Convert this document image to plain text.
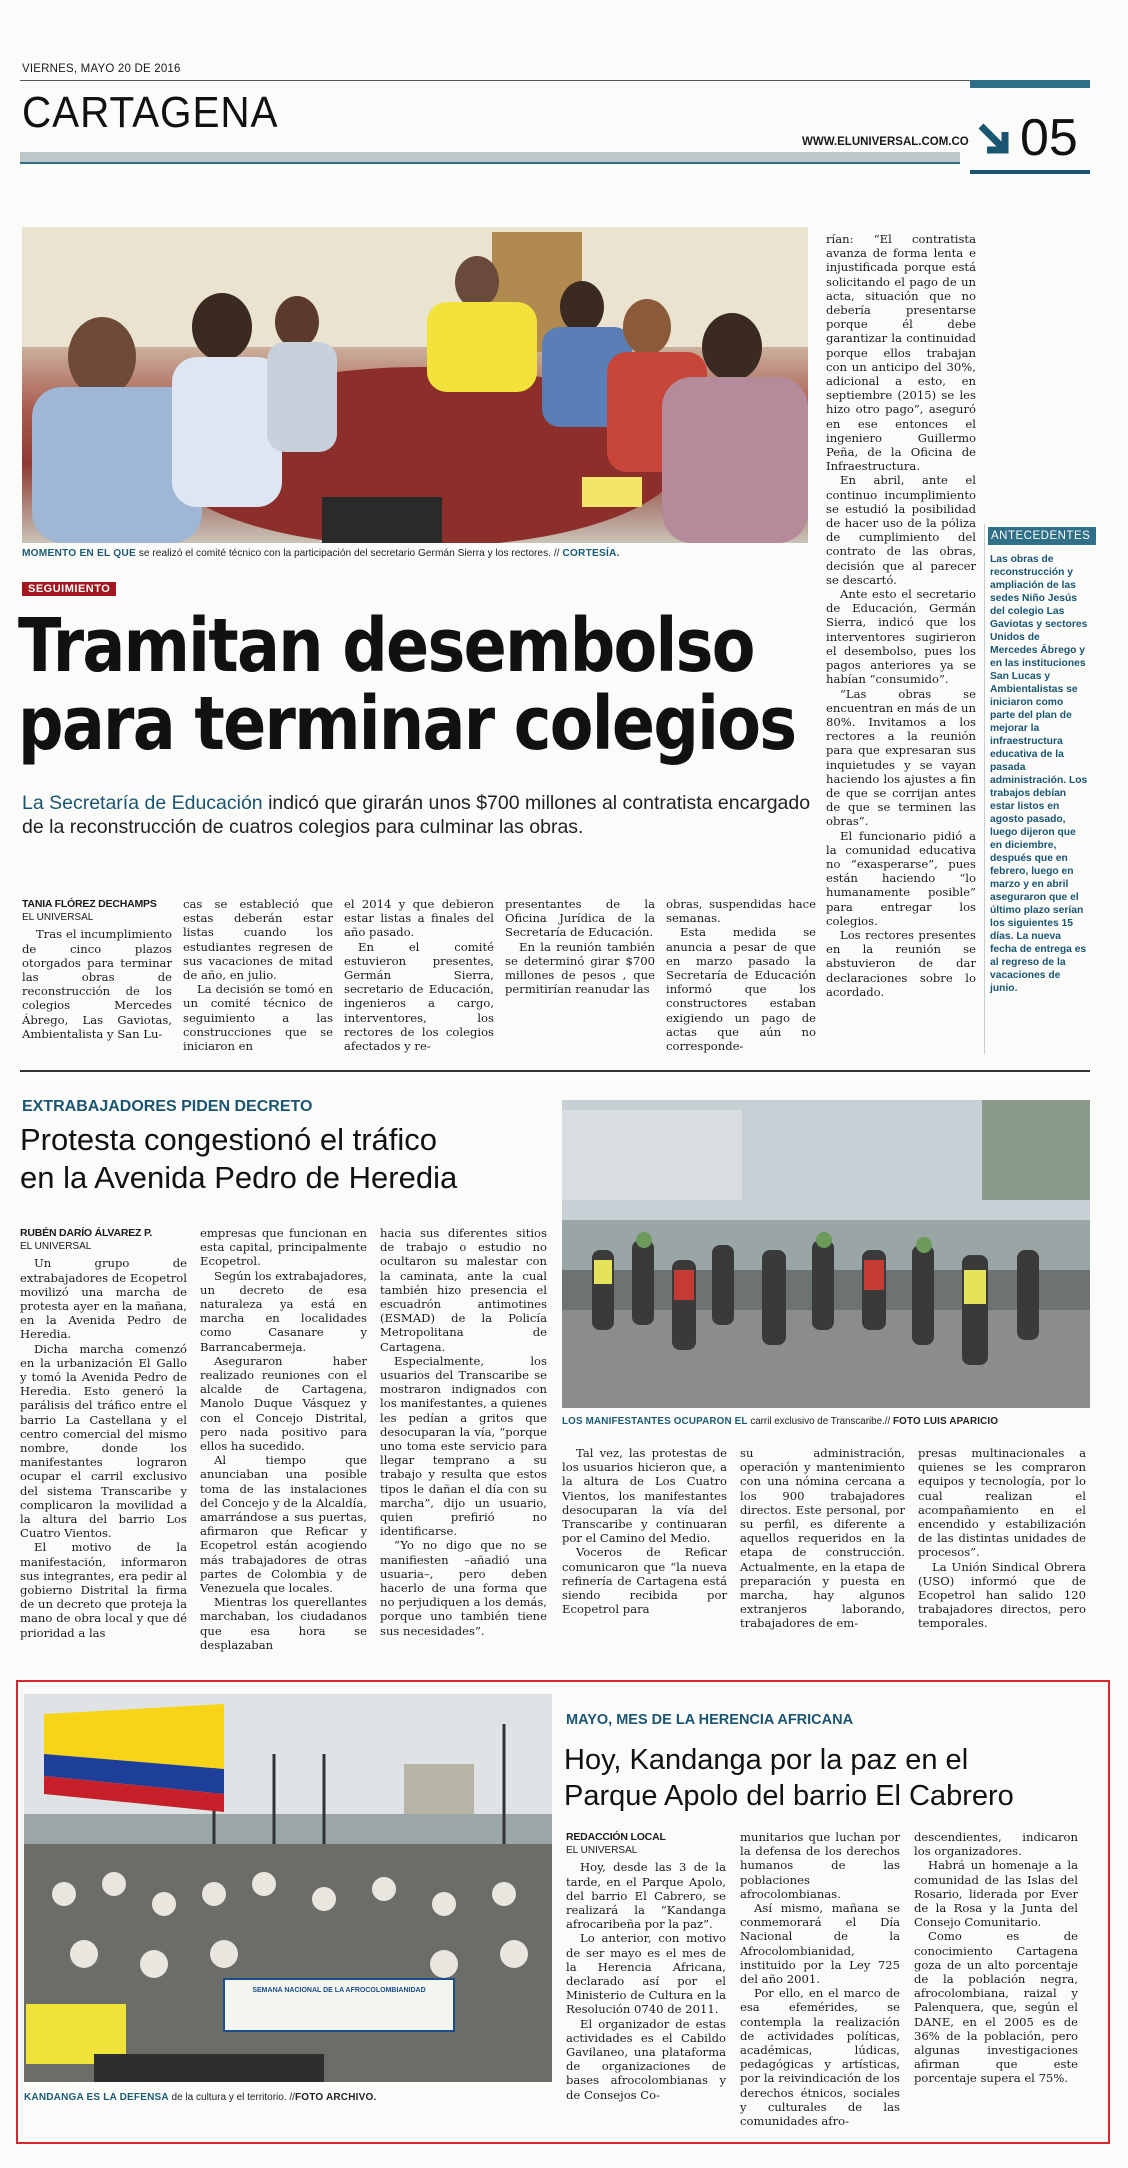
VIERNES, MAYO 20 DE 2016
CARTAGENA
WWW.ELUNIVERSAL.COM.CO 05
MOMENTO EN EL QUE se realizó el comité técnico con la participación del secretario Germán Sierra y los rectores. // CORTESÍA.
SEGUIMIENTO
Tramitan desembolso
para terminar colegios
La Secretaría de Educación indicó que girarán unos $700 millones al contratista encargado de la reconstrucción de cuatros colegios para culminar las obras.

TANIA FLÓREZ DECHAMPS

EL UNIVERSAL

Tras el incumplimiento de cinco plazos otorgados para terminar las obras de reconstrucción de los colegios Mercedes Ábrego, Las Gaviotas, Ambientalista y San Lu-

cas se estableció que estas deberán estar listas cuando los estudiantes regresen de sus vacaciones de mitad de año, en julio.

La decisión se tomó en un comité técnico de seguimiento a las construcciones que se iniciaron en

el 2014 y que debieron estar listas a finales del año pasado.

En el comité estuvieron presentes, Germán Sierra, secretario de Educación, ingenieros a cargo, interventores, los rectores de los colegios afectados y re-

presentantes de la Oficina Jurídica de la Secretaría de Educación.

En la reunión también se determinó girar $700 millones de pesos , que permitirían reanudar las

obras, suspendidas hace semanas.

Esta medida se anuncia a pesar de que en marzo pasado la Secretaría de Educación informó que los constructores estaban exigiendo un pago de actas que aún no corresponde-

rían: “El contratista avanza de forma lenta e injustificada porque está solicitando el pago de un acta, situación que no debería presentarse porque él debe garantizar la continuidad porque ellos trabajan con un anticipo del 30%, adicional a esto, en septiembre (2015) se les hizo otro pago”, aseguró en ese entonces el ingeniero Guillermo Peña, de la Oficina de Infraestructura.

En abril, ante el continuo incumplimiento se estudió la posibilidad de hacer uso de la póliza de cumplimiento del contrato de las obras, decisión que al parecer se descartó.

Ante esto el secretario de Educación, Germán Sierra, indicó que los interventores sugirieron el desembolso, pues los pagos anteriores ya se habían “consumido”.

“Las obras se encuentran en más de un 80%. Invitamos a los rectores a la reunión para que expresaran sus inquietudes y se vayan haciendo los ajustes a fin de que se corrijan antes de que se terminen las obras”.

El funcionario pidió a la comunidad educativa no “exasperarse”, pues están haciendo “lo humanamente posible” para entregar los colegios.

Los rectores presentes en la reunión se abstuvieron de dar declaraciones sobre lo acordado.

ANTECEDENTES
Las obras de reconstrucción y ampliación de las sedes Niño Jesús del colegio Las Gaviotas y sectores Unidos de Mercedes Ábrego y en las instituciones San Lucas y Ambientalistas se iniciaron como parte del plan de mejorar la infraestructura educativa de la pasada administración. Los trabajos debían estar listos en agosto pasado, luego dijeron que en diciembre, después que en febrero, luego en marzo y en abril aseguraron que el último plazo serían los siguientes 15 días. La nueva fecha de entrega es al regreso de la vacaciones de junio.
EXTRABAJADORES PIDEN DECRETO
Protesta congestionó el tráfico
en la Avenida Pedro de Heredia
LOS MANIFESTANTES OCUPARON EL carril exclusivo de Transcaribe.// FOTO LUIS APARICIO

RUBÉN DARÍO ÁLVAREZ P.

EL UNIVERSAL

Un grupo de extrabajadores de Ecopetrol movilizó una marcha de protesta ayer en la mañana, en la Avenida Pedro de Heredia.

Dicha marcha comenzó en la urbanización El Gallo y tomó la Avenida Pedro de Heredia. Esto generó la parálisis del tráfico entre el barrio La Castellana y el centro comercial del mismo nombre, donde los manifestantes lograron ocupar el carril exclusivo del sistema Transcaribe y complicaron la movilidad a la altura del barrio Los Cuatro Vientos.

El motivo de la manifestación, informaron sus integrantes, era pedir al gobierno Distrital la firma de un decreto que proteja la mano de obra local y que dé prioridad a las

empresas que funcionan en esta capital, principalmente Ecopetrol.

Según los extrabajadores, un decreto de esa naturaleza ya está en marcha en localidades como Casanare y Barrancabermeja.

Aseguraron haber realizado reuniones con el alcalde de Cartagena, Manolo Duque Vásquez y con el Concejo Distrital, pero nada positivo para ellos ha sucedido.

Al tiempo que anunciaban una posible toma de las instalaciones del Concejo y de la Alcaldía, amarrándose a sus puertas, afirmaron que Reficar y Ecopetrol están acogiendo más trabajadores de otras partes de Colombia y de Venezuela que locales.

Mientras los querellantes marchaban, los ciudadanos que esa hora se desplazaban

hacia sus diferentes sitios de trabajo o estudio no ocultaron su malestar con la caminata, ante la cual también hizo presencia el escuadrón antimotines (ESMAD) de la Policía Metropolitana de Cartagena.

Especialmente, los usuarios del Transcaribe se mostraron indignados con los manifestantes, a quienes les pedían a gritos que desocuparan la vía, “porque uno toma este servicio para llegar temprano a su trabajo y resulta que estos tipos le dañan el día con su marcha”, dijo un usuario, quien prefirió no identificarse.

“Yo no digo que no se manifiesten –añadió una usuaria–, pero deben hacerlo de una forma que no perjudiquen a los demás, porque uno también tiene sus necesidades”.

Tal vez, las protestas de los usuarios hicieron que, a la altura de Los Cuatro Vientos, los manifestantes desocuparan la vía del Transcaribe y continuaran por el Camino del Medio.

Voceros de Reficar comunicaron que “la nueva refinería de Cartagena está siendo recibida por Ecopetrol para

su administración, operación y mantenimiento con una nómina cercana a los 900 trabajadores directos. Este personal, por su perfil, es diferente a aquellos requeridos en la etapa de construcción. Actualmente, en la etapa de preparación y puesta en marcha, hay algunos extranjeros laborando, trabajadores de em-

presas multinacionales a quienes se les compraron equipos y tecnología, por lo cual realizan el acompañamiento en el encendido y estabilización de las distintas unidades de procesos”.

La Unión Sindical Obrera (USO) informó que de Ecopetrol han salido 120 trabajadores directos, pero temporales.

SEMANA NACIONAL DE LA AFROCOLOMBIANIDAD
KANDANGA ES LA DEFENSA de la cultura y el territorio. //FOTO ARCHIVO.
MAYO, MES DE LA HERENCIA AFRICANA
Hoy, Kandanga por la paz en el
Parque Apolo del barrio El Cabrero

REDACCIÓN LOCAL

EL UNIVERSAL

Hoy, desde las 3 de la tarde, en el Parque Apolo, del barrio El Cabrero, se realizará la “Kandanga afrocaribeña por la paz”.

Lo anterior, con motivo de ser mayo es el mes de la Herencia Africana, declarado así por el Ministerio de Cultura en la Resolución 0740 de 2011.

El organizador de estas actividades es el Cabildo Gavilaneo, una plataforma de organizaciones de bases afrocolombianas y de Consejos Co-

munitarios que luchan por la defensa de los derechos humanos de las poblaciones afrocolombianas.

Así mismo, mañana se conmemorará el Día Nacional de la Afrocolombianidad, instituido por la Ley 725 del año 2001.

Por ello, en el marco de esa efemérides, se contempla la realización de actividades políticas, académicas, lúdicas, pedagógicas y artísticas, por la reivindicación de los derechos étnicos, sociales y culturales de las comunidades afro-

descendientes, indicaron los organizadores.

Habrá un homenaje a la comunidad de las Islas del Rosario, liderada por Ever de la Rosa y la Junta del Consejo Comunitario.

Como es de conocimiento Cartagena goza de un alto porcentaje de la población negra, afrocolombiana, raizal y Palenquera, que, según el DANE, en el 2005 es de 36% de la población, pero algunas investigaciones afirman que este porcentaje supera el 75%.
